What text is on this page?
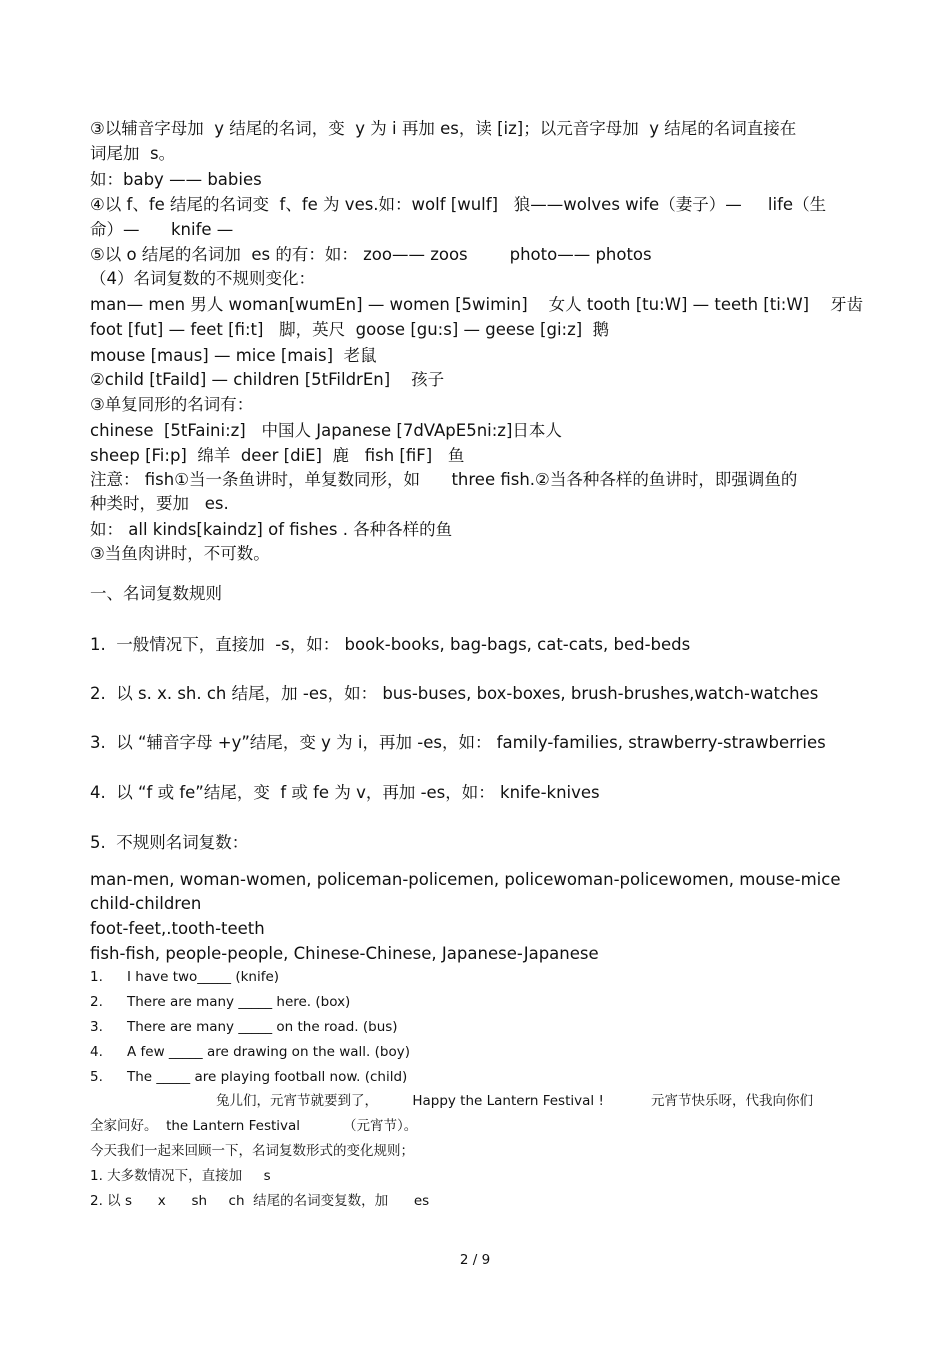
③以辅音字母加  y 结尾的名词，变  y 为 i 再加 es，读 [iz]；以元音字母加  y 结尾的名词直接在
词尾加  s。
如：baby —— babies
④以 f、fe 结尾的名词变  f、fe 为 ves.如：wolf [wulf]   狼——wolves wife（妻子）—     life（生
命）—      knife —
⑤以 o 结尾的名词加  es 的有：如： zoo—— zoos        photo—— photos
（4）名词复数的不规则变化：
man— men 男人 woman[wumEn] — women [5wimin]    女人 tooth [tu:W] — teeth [ti:W]    牙齿
foot [fut] — feet [fi:t]   脚，英尺  goose [gu:s] — geese [gi:z]  鹅
mouse [maus] — mice [mais]  老鼠
②child [tFaild] — children [5tFildrEn]    孩子
③单复同形的名词有：
chinese  [5tFaini:z]   中国人 Japanese [7dVApE5ni:z]日本人
sheep [Fi:p]  绵羊  deer [diE]  鹿   fish [fiF]   鱼
注意： fish①当一条鱼讲时，单复数同形，如      three fish.②当各种各样的鱼讲时，即强调鱼的
种类时，要加   es.
如： all kinds[kaindz] of fishes . 各种各样的鱼
③当鱼肉讲时，不可数。
一、名词复数规则
1.  一般情况下，直接加  -s，如： book-books, bag-bags, cat-cats, bed-beds
2.  以 s. x. sh. ch 结尾，加 -es，如： bus-buses, box-boxes, brush-brushes,watch-watches
3.  以 “辅音字母 +y”结尾，变 y 为 i，再加 -es，如： family-families, strawberry-strawberries
4.  以 “f 或 fe”结尾，变  f 或 fe 为 v，再加 -es，如： knife-knives
5.  不规则名词复数：
man-men, woman-women, policeman-policemen, policewoman-policewomen, mouse-mice
child-children
foot-feet,.tooth-teeth
fish-fish, people-people, Chinese-Chinese, Japanese-Japanese
1. I have two_____ (knife)
2. There are many _____ here. (box)
3. There are many _____ on the road. (bus)
4. A few _____ are drawing on the wall. (boy)
5. The _____ are playing football now. (child)
兔儿们，元宵节就要到了，        Happy the Lantern Festival !           元宵节快乐呀，代我向你们
全家问好。  the Lantern Festival          （元宵节）。
今天我们一起来回顾一下，名词复数形式的变化规则；
1. 大多数情况下，直接加     s
2. 以 s      x      sh     ch  结尾的名词变复数，加      es
2 / 9
